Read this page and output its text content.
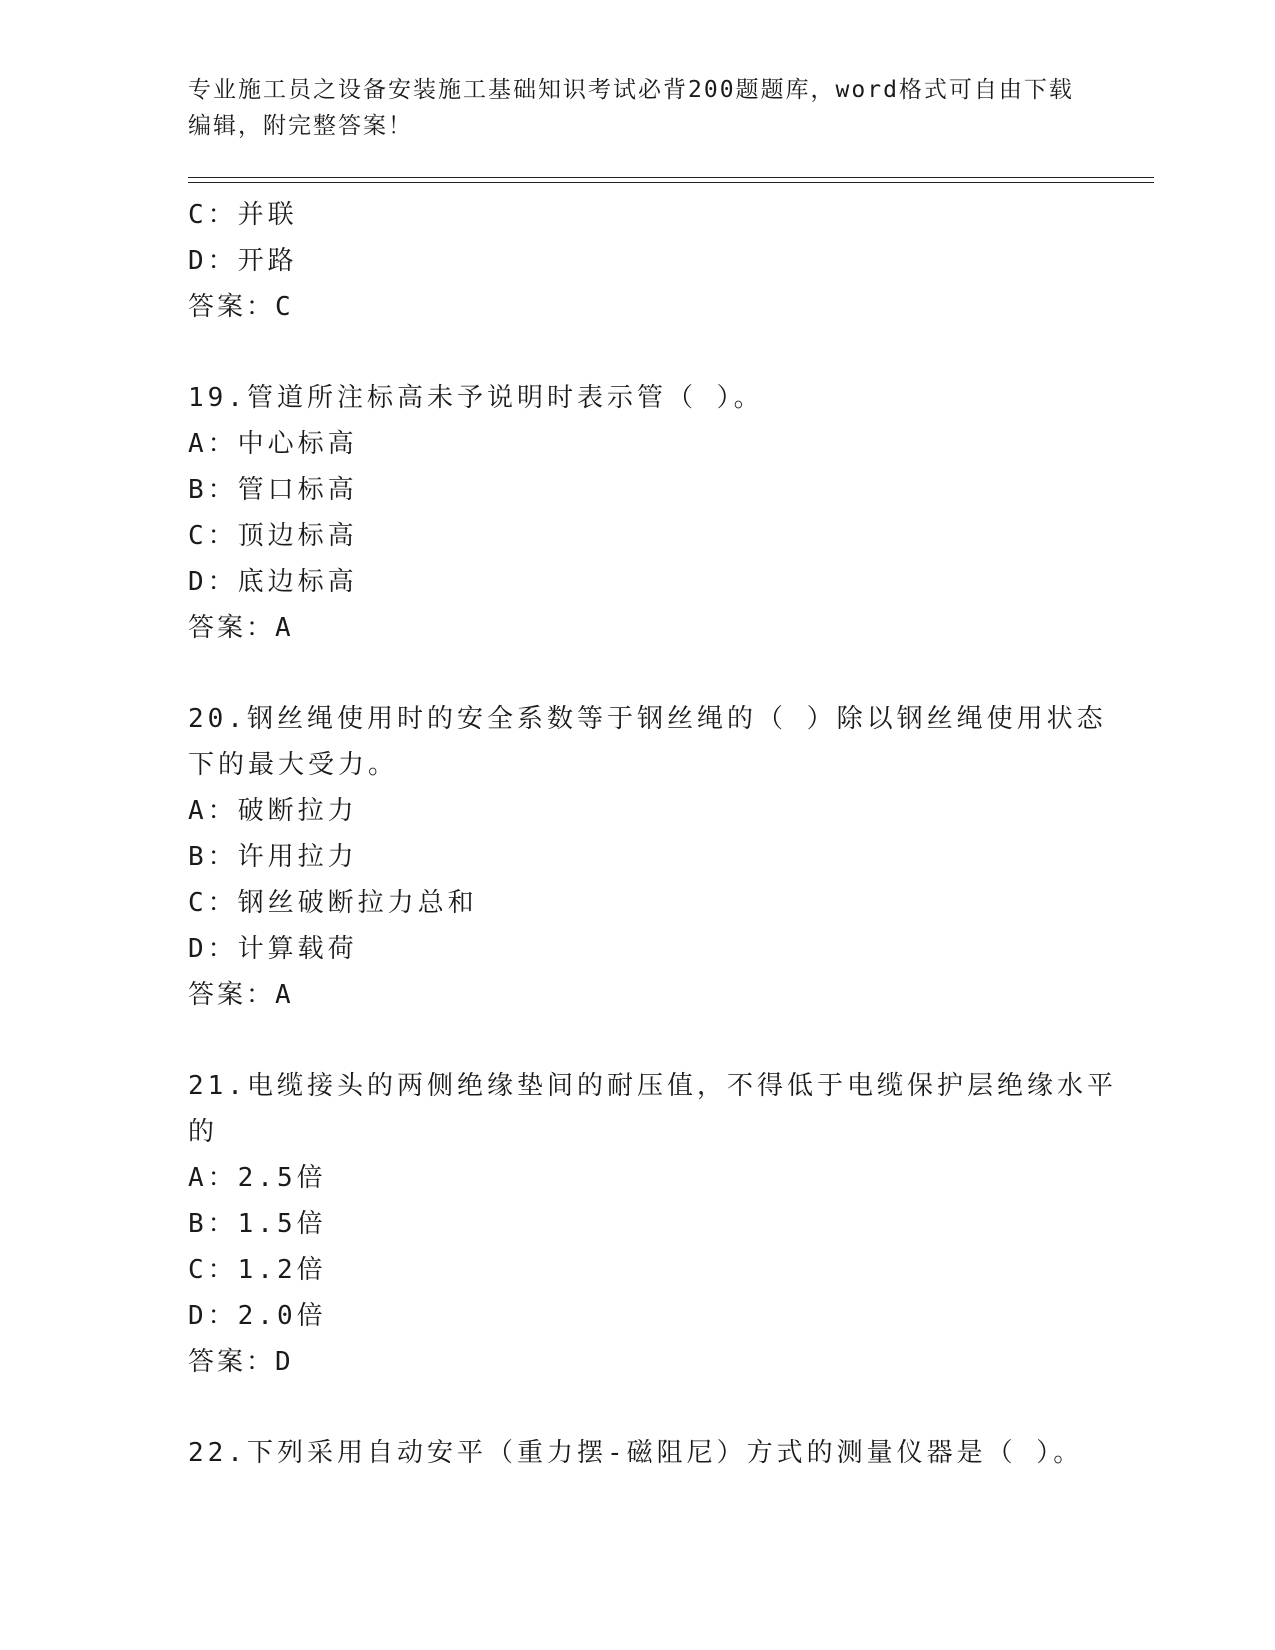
专业施工员之设备安装施工基础知识考试必背200题题库，word格式可自由下载编辑，附完整答案！
C：并联
D：开路
答案：C
19.管道所注标高未予说明时表示管（ ）。
A：中心标高
B：管口标高
C：顶边标高
D：底边标高
答案：A
20.钢丝绳使用时的安全系数等于钢丝绳的（ ）除以钢丝绳使用状态
下的最大受力。
A：破断拉力
B：许用拉力
C：钢丝破断拉力总和
D：计算载荷
答案：A
21.电缆接头的两侧绝缘垫间的耐压值，不得低于电缆保护层绝缘水平
的
A：2.5倍
B：1.5倍
C：1.2倍
D：2.0倍
答案：D
22.下列采用自动安平（重力摆-磁阻尼）方式的测量仪器是（ ）。
